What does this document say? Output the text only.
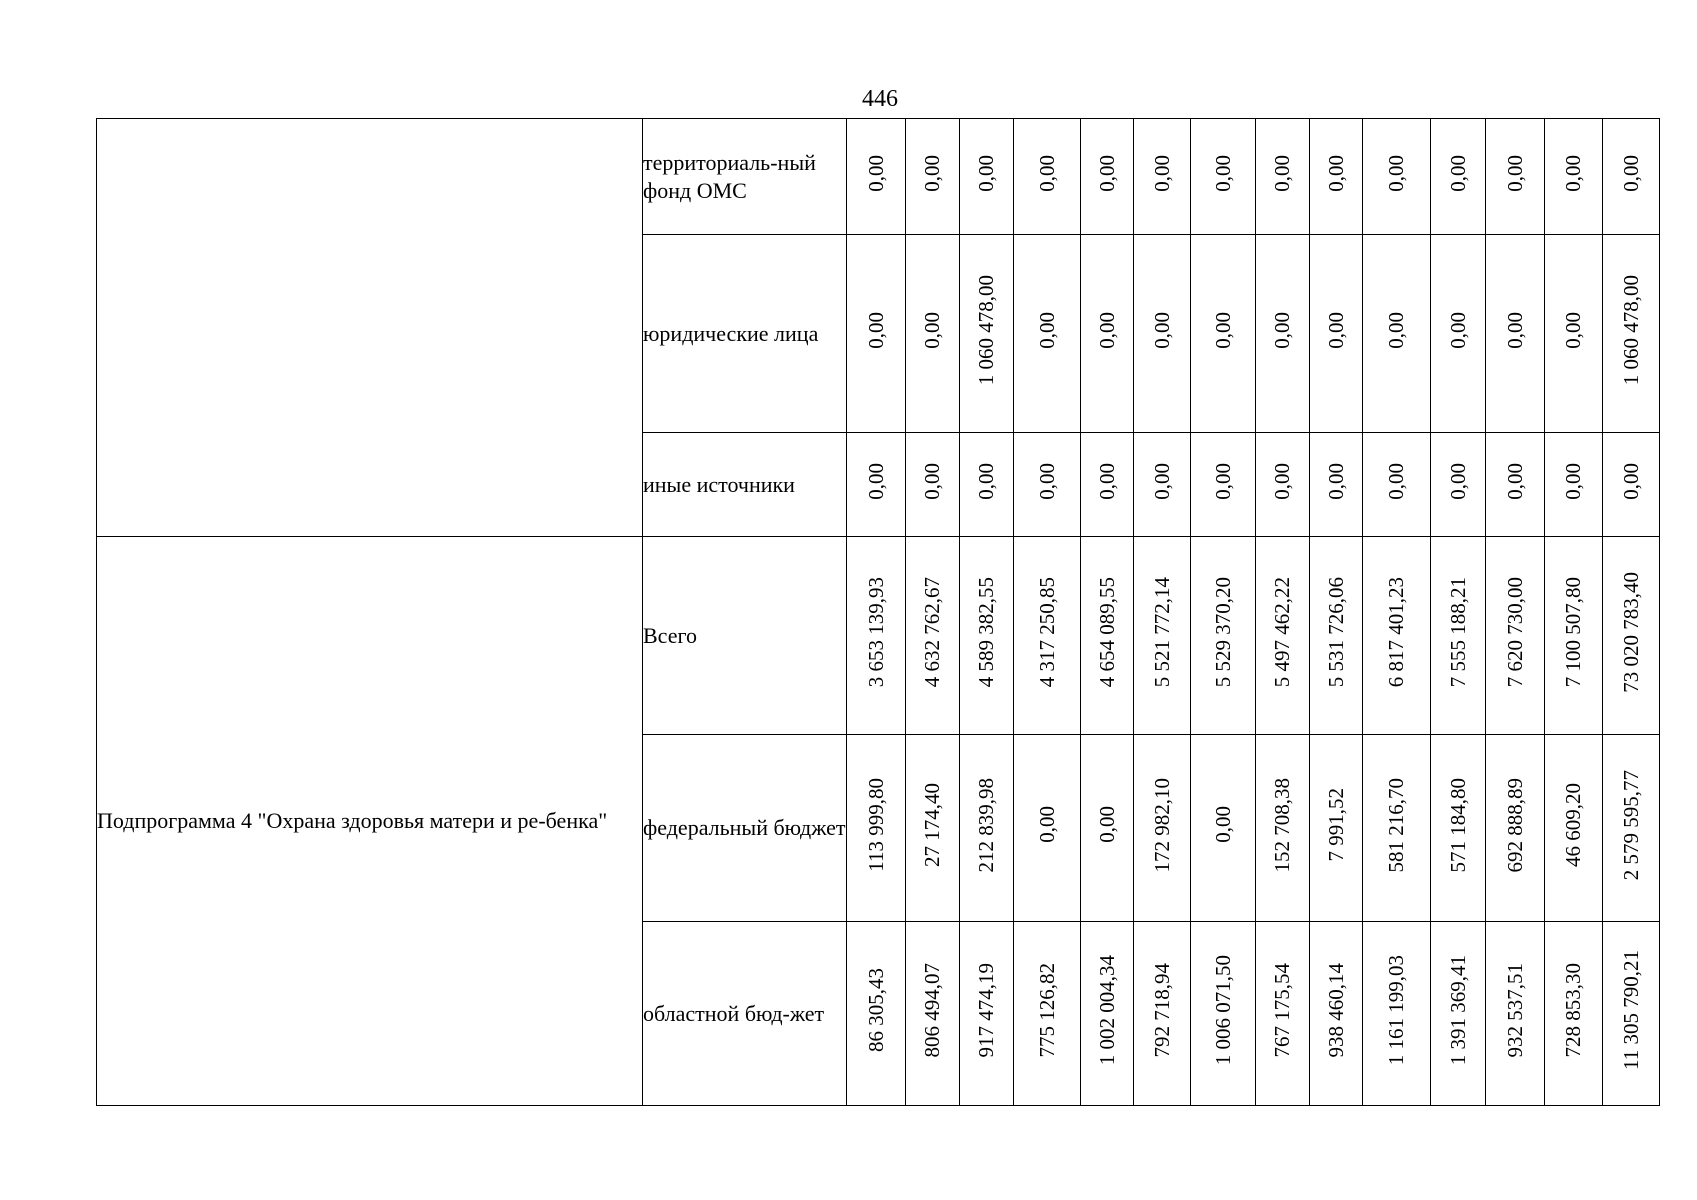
446
	территориаль-ный фонд ОМС	0,00	0,00	0,00	0,00	0,00	0,00	0,00	0,00	0,00	0,00	0,00	0,00	0,00	0,00
	юридические лица	0,00	0,00	1 060 478,00	0,00	0,00	0,00	0,00	0,00	0,00	0,00	0,00	0,00	0,00	1 060 478,00
	иные источники	0,00	0,00	0,00	0,00	0,00	0,00	0,00	0,00	0,00	0,00	0,00	0,00	0,00	0,00
Подпрограмма 4 "Охрана здоровья матери и ре-бенка"	Всего	3 653 139,93	4 632 762,67	4 589 382,55	4 317 250,85	4 654 089,55	5 521 772,14	5 529 370,20	5 497 462,22	5 531 726,06	6 817 401,23	7 555 188,21	7 620 730,00	7 100 507,80	73 020 783,40
	федеральный бюджет	113 999,80	27 174,40	212 839,98	0,00	0,00	172 982,10	0,00	152 708,38	7 991,52	581 216,70	571 184,80	692 888,89	46 609,20	2 579 595,77
	областной бюд-жет	86 305,43	806 494,07	917 474,19	775 126,82	1 002 004,34	792 718,94	1 006 071,50	767 175,54	938 460,14	1 161 199,03	1 391 369,41	932 537,51	728 853,30	11 305 790,21
